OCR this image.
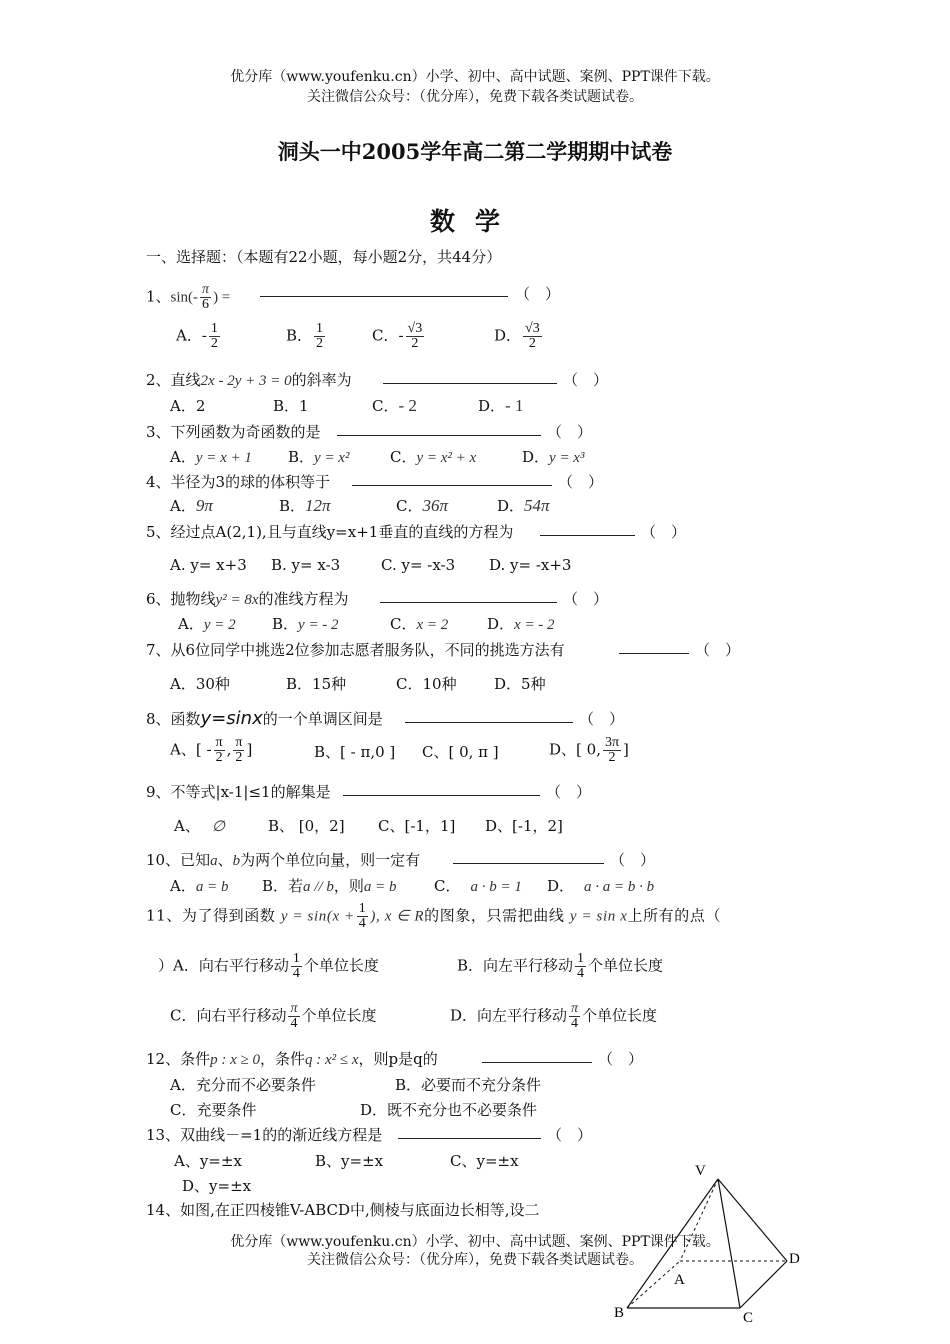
优分库（www.youfenku.cn）小学、初中、高中试题、案例、PPT课件下载。
关注微信公众号：（优分库），免费下载各类试题试卷。
洞头一中2005学年高二第二学期期中试卷
数学
一、选择题：（本题有22小题，每小题2分，共44分）
1、$\sin(- \frac{\pi}{6}$ ) =	（　）
A．- $\frac{1}{2}$	B． $\frac{1}{2}$	C．- $\frac{√3}{2}$	D． $\frac{√3}{2}$
2、直线2x - 2y + 3 = 0的斜率为	（　）
A．2	B．1	C．- 2	D．- 1
3、下列函数为奇函数的是	（　）
A．y = x + 1 B．y = x²	C．y = x² + x	D．y = x³
4、半径为3的球的体积等于	（　）
A．9π	B．12π	C．36π	D．54π
5、经过点A(2,1),且与直线y=x+1垂直的直线的方程为	（　）
A. y= x+3 B. y= x-3	C. y= -x-3 D. y= -x+3
6、抛物线y² = 8x的准线方程为	（　）
A．y = 2 B．y = - 2	C．x = 2	D．x = - 2
7、从6位同学中挑选2位参加志愿者服务队，不同的挑选方法有	（　）
A．30种	B．15种	C．10种 D．5种
8、函数y=sinx的一个单调区间是	（　）
A、[ - $\frac{\pi}{2}$ , $\frac{\pi}{2}$ ]	B、[ - π,0 ] C、[ 0, π ]	D、[ 0, $\frac{3\pi}{2}$ ]
9、不等式|x-1|≤1的解集是	（　）
A、 ∅	B、 [0，2] C、[-1，1] D、[-1，2]
10、已知a、b为两个单位向量，则一定有	（　）
A．a = b B．若a // b，则a = b C． a · b = 1 D． a · a = b · b
11、为了得到函数 $y = \sin(x + \frac{1}{4}$ ), x ∈ R的图象，只需把曲线 y = sin x上所有的点（
）A．向右平行移动 $\frac{1}{4}$ 个单位长度	B．向左平行移动 $\frac{1}{4}$ 个单位长度
C．向右平行移动 $\frac{\pi}{4}$ 个单位长度	D．向左平行移动 $\frac{\pi}{4}$ 个单位长度
12、条件p : x ≥ 0，条件q : x² ≤ x，则p是q的	（　）
A．充分而不必要条件	B．必要而不充分条件
C．充要条件	D．既不充分也不必要条件
13、双曲线－=1的的渐近线方程是	（　）
A、y=±x	B、y=±x	C、y=±x
D、y=±x
14、如图,在正四棱锥V-ABCD中,侧棱与底面边长相等,设二
优分库（www.youfenku.cn）小学、初中、高中试题、案例、PPT课件下载。
关注微信公众号：（优分库），免费下载各类试题试卷。
V
A
B	C
D
